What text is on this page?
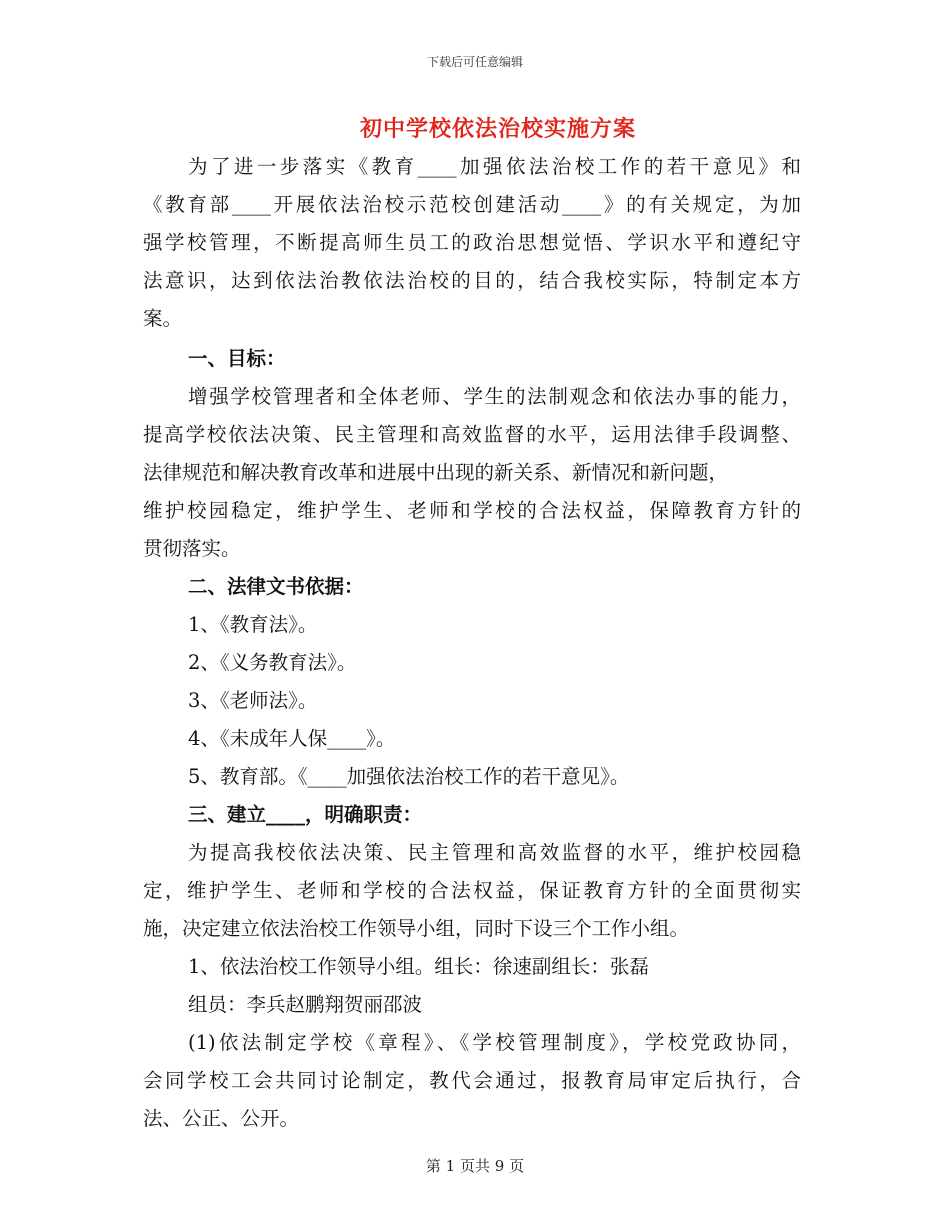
下载后可任意编辑
初中学校依法治校实施方案
为了进一步落实《教育____加强依法治校工作的若干意见》和
《教育部____开展依法治校示范校创建活动____》的有关规定，为加
强学校管理，不断提高师生员工的政治思想觉悟、学识水平和遵纪守
法意识，达到依法治教依法治校的目的，结合我校实际，特制定本方
案。
一、目标：
增强学校管理者和全体老师、学生的法制观念和依法办事的能力，
提高学校依法决策、民主管理和高效监督的水平，运用法律手段调整、
法律规范和解决教育改革和进展中出现的新关系、新情况和新问题，
维护校园稳定，维护学生、老师和学校的合法权益，保障教育方针的
贯彻落实。
二、法律文书依据：
1、《教育法》。
2、《义务教育法》。
3、《老师法》。
4、《未成年人保____》。
5、教育部。《____加强依法治校工作的若干意见》。
三、建立____，明确职责：
为提高我校依法决策、民主管理和高效监督的水平，维护校园稳
定，维护学生、老师和学校的合法权益，保证教育方针的全面贯彻实
施，决定建立依法治校工作领导小组，同时下设三个工作小组。
1、依法治校工作领导小组。组长：徐速副组长：张磊
组员：李兵赵鹏翔贺丽邵波
(1)依法制定学校《章程》、《学校管理制度》，学校党政协同，
会同学校工会共同讨论制定，教代会通过，报教育局审定后执行，合
法、公正、公开。
第 1 页共 9 页
